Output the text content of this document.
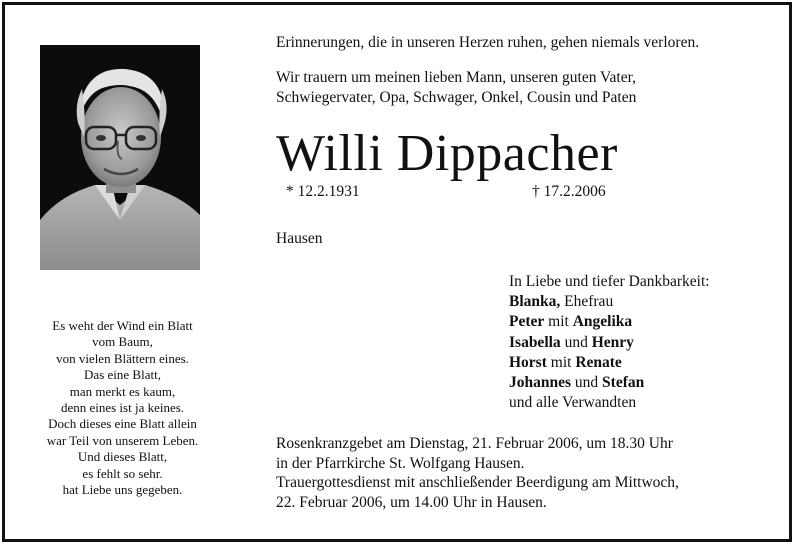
Es weht der Wind ein Blatt
vom Baum,
von vielen Blättern eines.
Das eine Blatt,
man merkt es kaum,
denn eines ist ja keines.
Doch dieses eine Blatt allein
war Teil von unserem Leben.
Und dieses Blatt,
es fehlt so sehr.
hat Liebe uns gegeben.
Erinnerungen, die in unseren Herzen ruhen, gehen niemals verloren.
Wir trauern um meinen lieben Mann, unseren guten Vater,
Schwiegervater, Opa, Schwager, Onkel, Cousin und Paten
Willi Dippacher
* 12.2.1931	† 17.2.2006
Hausen
In Liebe und tiefer Dankbarkeit:
Blanka, Ehefrau
Peter mit Angelika
Isabella und Henry
Horst mit Renate
Johannes und Stefan
und alle Verwandten
Rosenkranzgebet am Dienstag, 21. Februar 2006, um 18.30 Uhr
in der Pfarrkirche St. Wolfgang Hausen.
Trauergottesdienst mit anschließender Beerdigung am Mittwoch,
22. Februar 2006, um 14.00 Uhr in Hausen.
